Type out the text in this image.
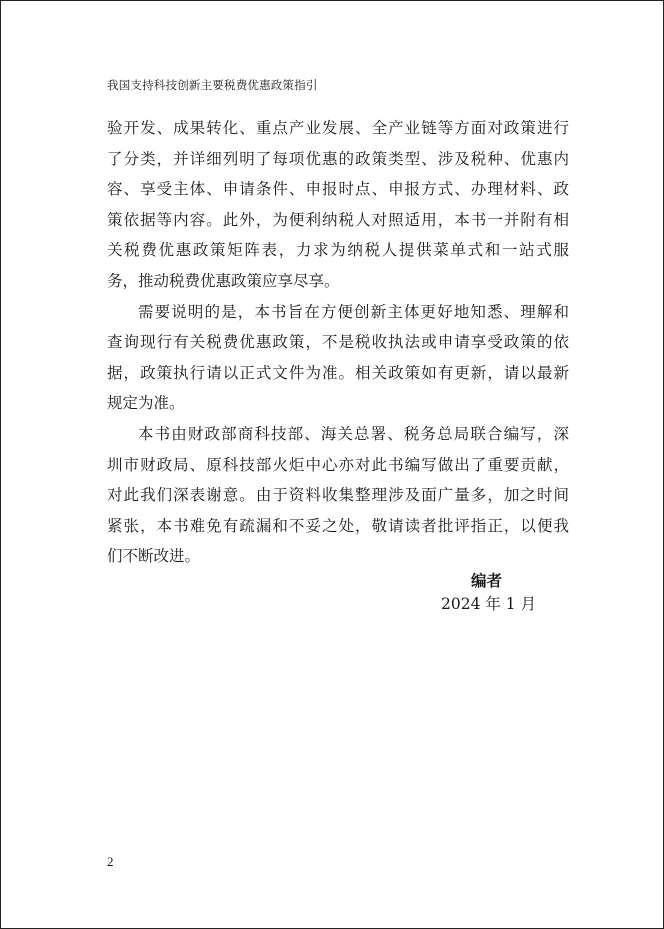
我国支持科技创新主要税费优惠政策指引
验开发、成果转化、重点产业发展、全产业链等方面对政策进行
了分类，并详细列明了每项优惠的政策类型、涉及税种、优惠内
容、享受主体、申请条件、申报时点、申报方式、办理材料、政
策依据等内容。此外，为便利纳税人对照适用，本书一并附有相
关税费优惠政策矩阵表，力求为纳税人提供菜单式和一站式服
务，推动税费优惠政策应享尽享。
需要说明的是，本书旨在方便创新主体更好地知悉、理解和
查询现行有关税费优惠政策，不是税收执法或申请享受政策的依
据，政策执行请以正式文件为准。相关政策如有更新，请以最新
规定为准。
本书由财政部商科技部、海关总署、税务总局联合编写，深
圳市财政局、原科技部火炬中心亦对此书编写做出了重要贡献，
对此我们深表谢意。由于资料收集整理涉及面广量多，加之时间
紧张，本书难免有疏漏和不妥之处，敬请读者批评指正，以便我
们不断改进。
编者
2024 年 1 月
2
